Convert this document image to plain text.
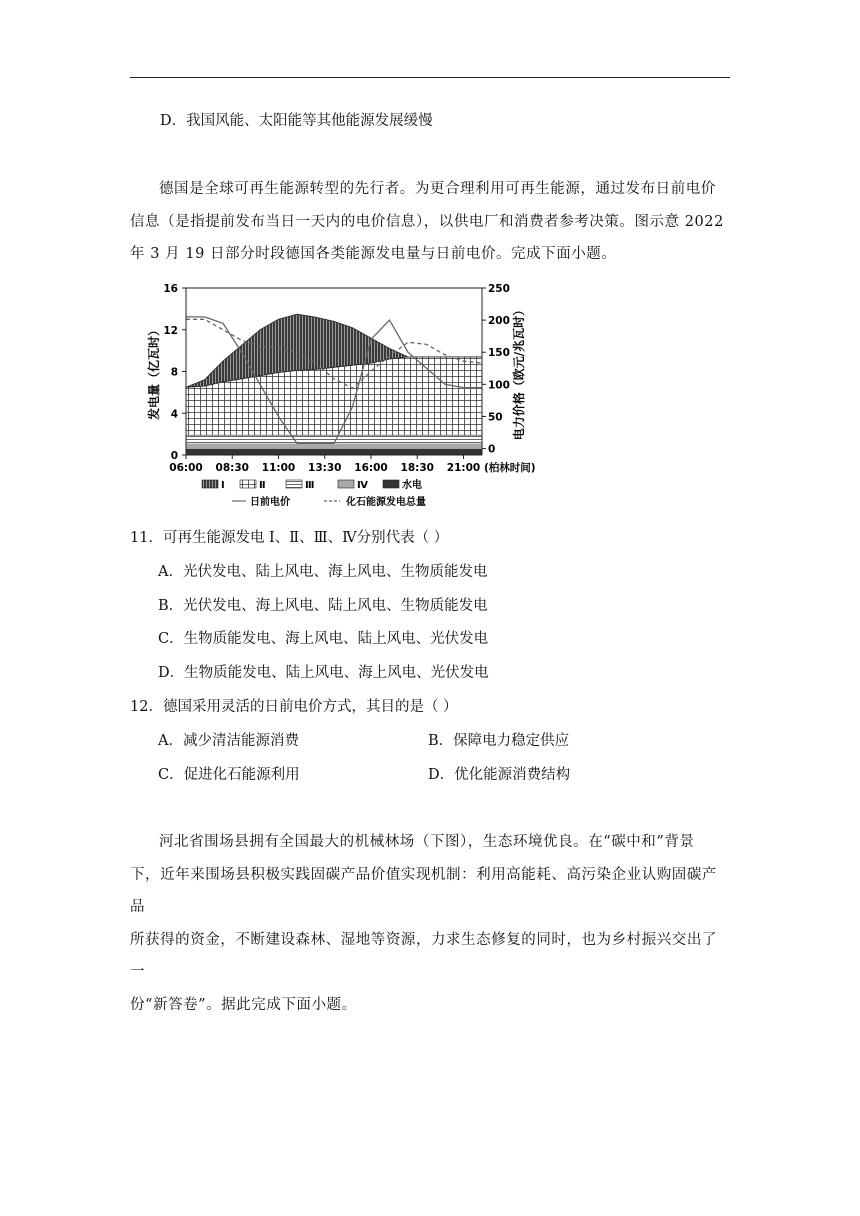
D．我国风能、太阳能等其他能源发展缓慢

德国是全球可再生能源转型的先行者。为更合理利用可再生能源，通过发布日前电价

信息（是指提前发布当日一天内的电价信息），以供电厂和消费者参考决策。图示意 2022

年 3 月 19 日部分时段德国各类能源发电量与日前电价。完成下面小题。

06:00 08:30 11:00 13:30 16:00 18:30 21:00
0
4
8
12
16
0
50
100
150
200
250
发电量（亿瓦时）	电力价格（欧元/兆瓦时）
(柏林时间)
Ⅰ	Ⅱ	Ⅲ	Ⅳ	水电
日前电价	化石能源发电总量
11．可再生能源发电 I、Ⅱ、Ⅲ、Ⅳ分别代表（ ）
A．光伏发电、陆上风电、海上风电、生物质能发电
B．光伏发电、海上风电、陆上风电、生物质能发电
C．生物质能发电、海上风电、陆上风电、光伏发电
D．生物质能发电、陆上风电、海上风电、光伏发电
12．德国采用灵活的日前电价方式，其目的是（ ）
A．减少清洁能源消费	B．保障电力稳定供应
C．促进化石能源利用	D．优化能源消费结构

河北省围场县拥有全国最大的机械林场（下图），生态环境优良。在“碳中和”背景

下，近年来围场县积极实践固碳产品价值实现机制：利用高能耗、高污染企业认购固碳产品

所获得的资金，不断建设森林、湿地等资源，力求生态修复的同时，也为乡村振兴交出了一

份“新答卷”。据此完成下面小题。
